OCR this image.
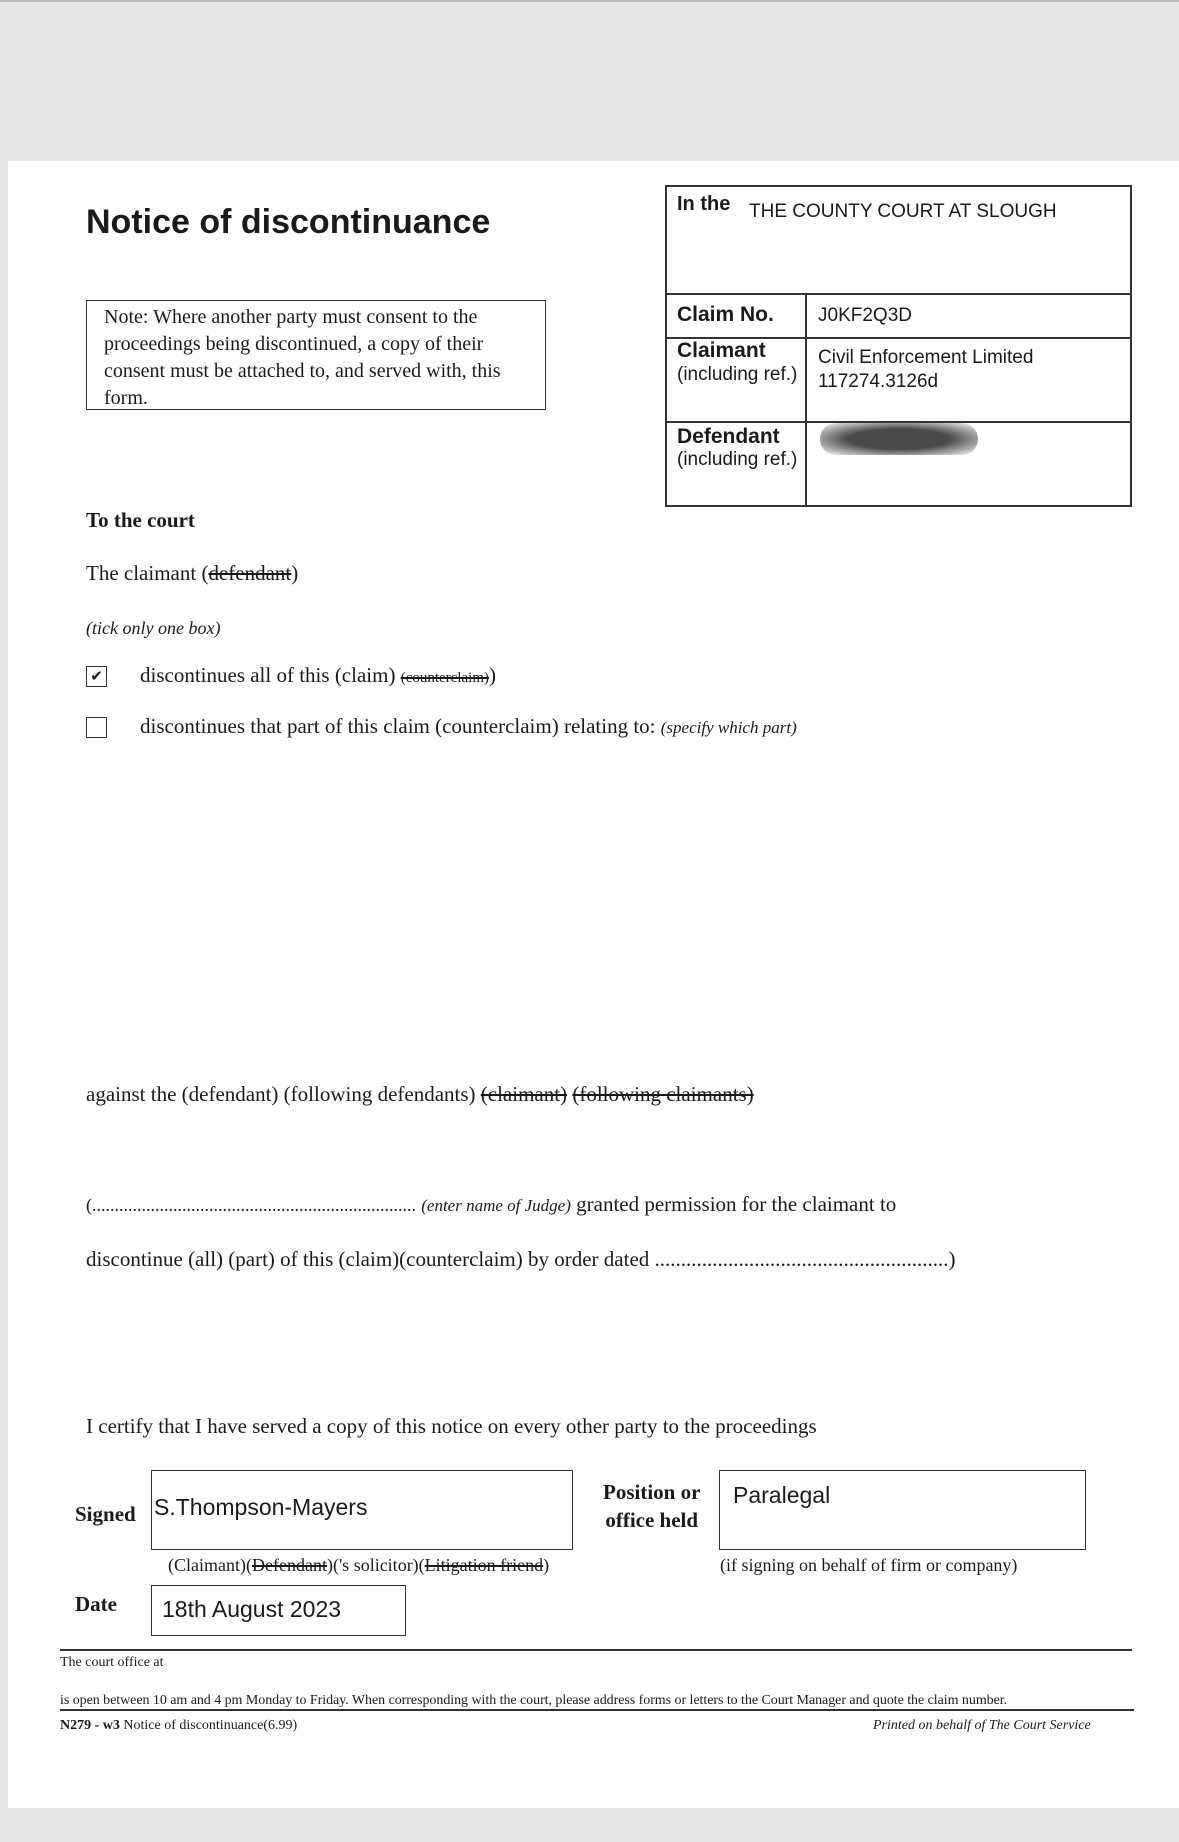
Notice of discontinuance
Note: Where another party must consent to the proceedings being discontinued, a copy of their consent must be attached to, and served with, this form.
In the THE COUNTY COURT AT SLOUGH
Claim No. J0KF2Q3D
Claimant
(including ref.)
Civil Enforcement Limited
117274.3126d
Defendant
(including ref.)
To the court
The claimant (defendant)
(tick only one box)
✔ discontinues all of this (claim) (counterclaim))
discontinues that part of this claim (counterclaim) relating to: (specify which part)
against the (defendant) (following defendants) (claimant) (following claimants)
(........................................................................ (enter name of Judge) granted permission for the claimant to
discontinue (all) (part) of this (claim)(counterclaim) by order dated ........................................................)
I certify that I have served a copy of this notice on every other party to the proceedings
Signed S.Thompson-Mayers
Position or
office held
Paralegal
(Claimant)(Defendant)('s solicitor)(Litigation friend)	(if signing on behalf of firm or company)
Date 18th August 2023
The court office at
is open between 10 am and 4 pm Monday to Friday. When corresponding with the court, please address forms or letters to the Court Manager and quote the claim number.
N279 - w3 Notice of discontinuance(6.99)	Printed on behalf of The Court Service
